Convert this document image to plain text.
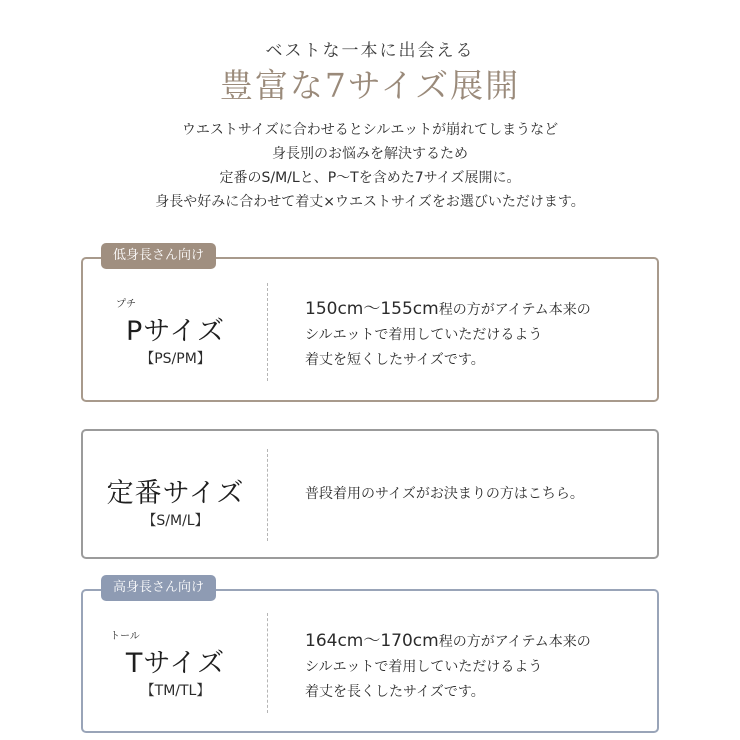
ベストな一本に出会える
豊富な7サイズ展開
ウエストサイズに合わせるとシルエットが崩れてしまうなど
身長別のお悩みを解決するため
定番のS/M/Lと、P〜Tを含めた7サイズ展開に。
身長や好みに合わせて着丈×ウエストサイズをお選びいただけます。
プチ
Pサイズ
【PS/PM】
150cm〜155cm程の方がアイテム本来の
シルエットで着用していただけるよう
着丈を短くしたサイズです。
低身長さん向け
定番サイズ
【S/M/L】
普段着用のサイズがお決まりの方はこちら。
トール
Tサイズ
【TM/TL】
164cm〜170cm程の方がアイテム本来の
シルエットで着用していただけるよう
着丈を長くしたサイズです。
高身長さん向け
